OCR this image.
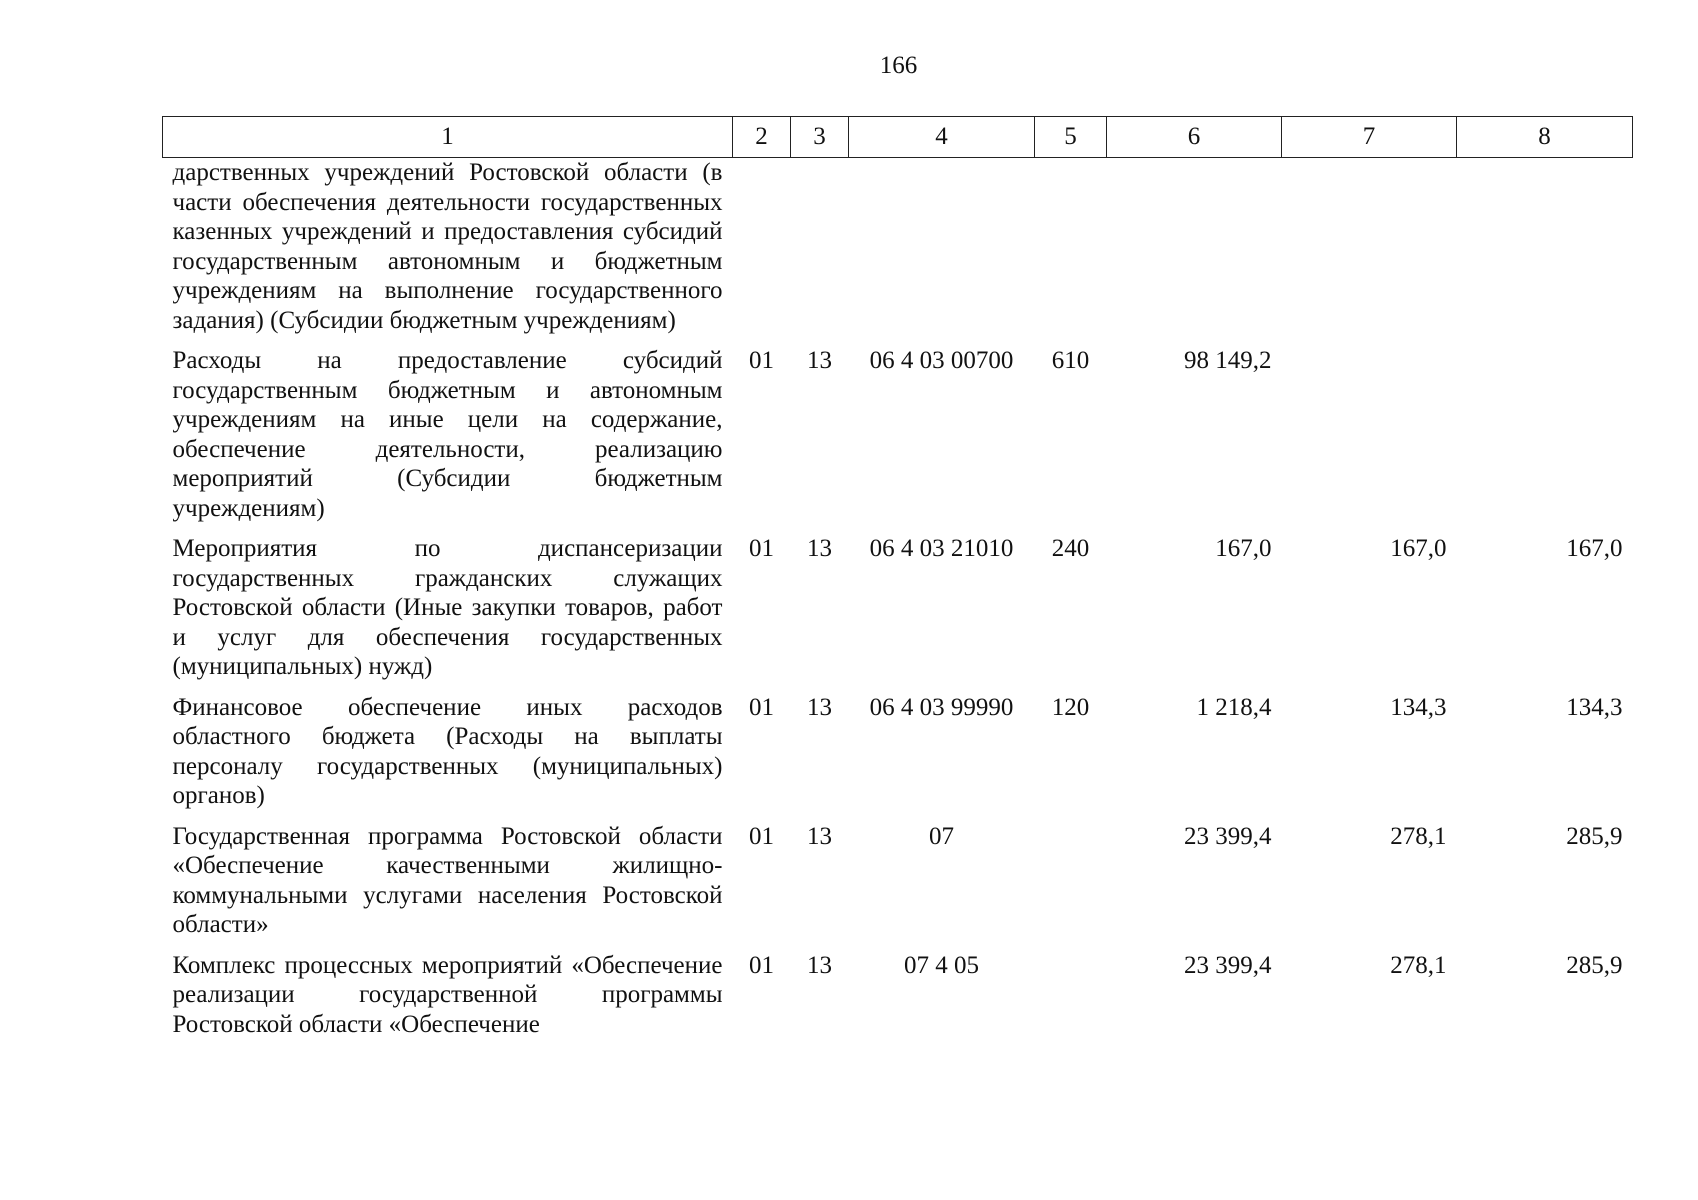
166
1	2	3	4	5	6	7	8
дарственных учреждений Ростовской области (в части обеспечения деятельности государственных казенных учреждений и предоставления субсидий государственным автономным и бюджетным учреждениям на выполнение государственного задания) (Субсидии бюджетным учреждениям)							
Расходы на предоставление субсидий государственным бюджетным и автономным учреждениям на иные цели на содержание, обеспечение деятельности, реализацию мероприятий (Субсидии бюджетным учреждениям)	01	13	06 4 03 00700	610	98 149,2		
Мероприятия по диспансеризации государственных гражданских служащих Ростовской области (Иные закупки товаров, работ и услуг для обеспечения государственных (муниципальных) нужд)	01	13	06 4 03 21010	240	167,0	167,0	167,0
Финансовое обеспечение иных расходов областного бюджета (Расходы на выплаты персоналу государственных (муниципальных) органов)	01	13	06 4 03 99990	120	1 218,4	134,3	134,3
Государственная программа Ростовской области «Обеспечение качественными жилищно-коммунальными услугами населения Ростовской области»	01	13	07		23 399,4	278,1	285,9
Комплекс процессных мероприятий «Обеспечение реализации государственной программы Ростовской области «Обеспечение	01	13	07 4 05		23 399,4	278,1	285,9
